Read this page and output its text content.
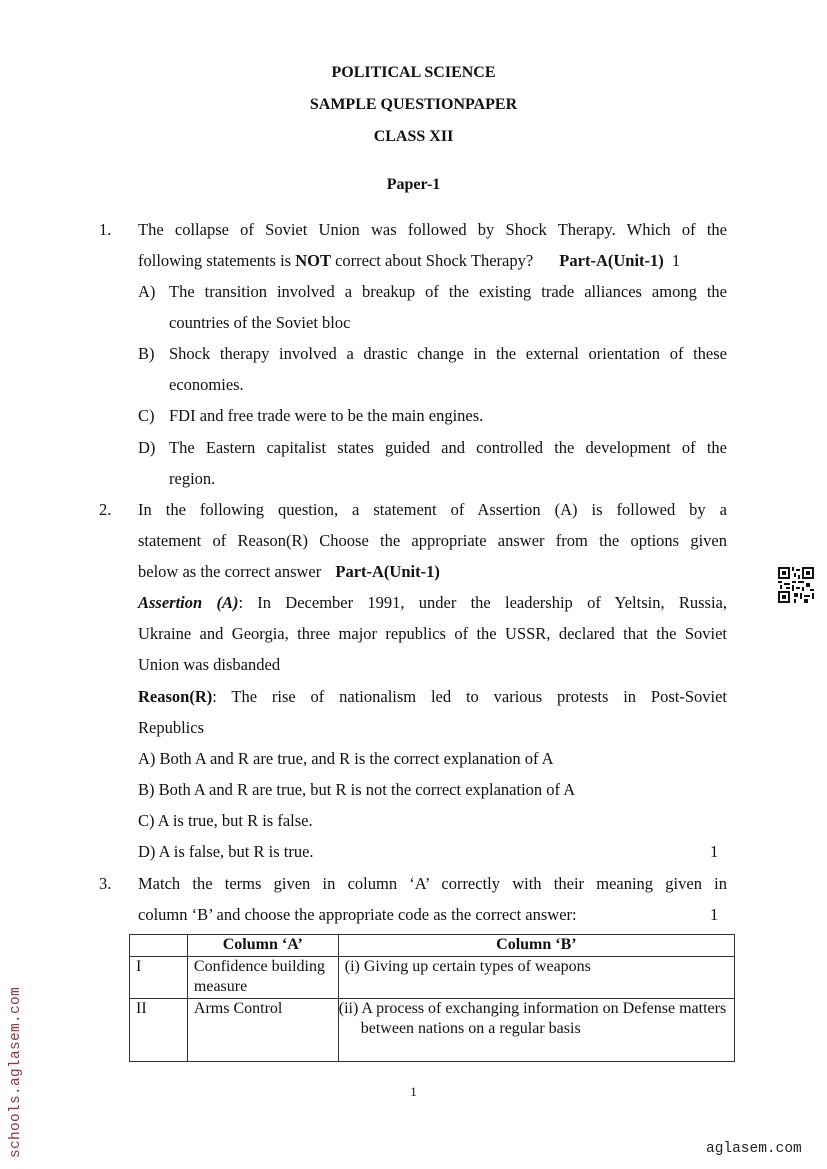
POLITICAL SCIENCE
SAMPLE QUESTIONPAPER
CLASS XII
Paper-1
1. The collapse of Soviet Union was followed by Shock Therapy. Which of the
following statements is NOT correct about Shock Therapy? Part-A(Unit-1) 1
A) The transition involved a breakup of the existing trade alliances among the
countries of the Soviet bloc
B) Shock therapy involved a drastic change in the external orientation of these
economies.
C) FDI and free trade were to be the main engines.
D) The Eastern capitalist states guided and controlled the development of the
region.
2. In the following question, a statement of Assertion (A) is followed by a
statement of Reason(R) Choose the appropriate answer from the options given
below as the correct answer Part-A(Unit-1)
Assertion (A): In December 1991, under the leadership of Yeltsin, Russia,
Ukraine and Georgia, three major republics of the USSR, declared that the Soviet
Union was disbanded
Reason(R): The rise of nationalism led to various protests in Post-Soviet
Republics
A) Both A and R are true, and R is the correct explanation of A
B) Both A and R are true, but R is not the correct explanation of A
C) A is true, but R is false.
D) A is false, but R is true.	1
3. Match the terms given in column ‘A’ correctly with their meaning given in
column ‘B’ and choose the appropriate code as the correct answer:	1
	Column ‘A’	Column ‘B’
I	Confidence building measure	(i) Giving up certain types of weapons
II	Arms Control	(ii) A process of exchanging information on Defense matters between nations on a regular basis
1
schools.aglasem.com	aglasem.com
